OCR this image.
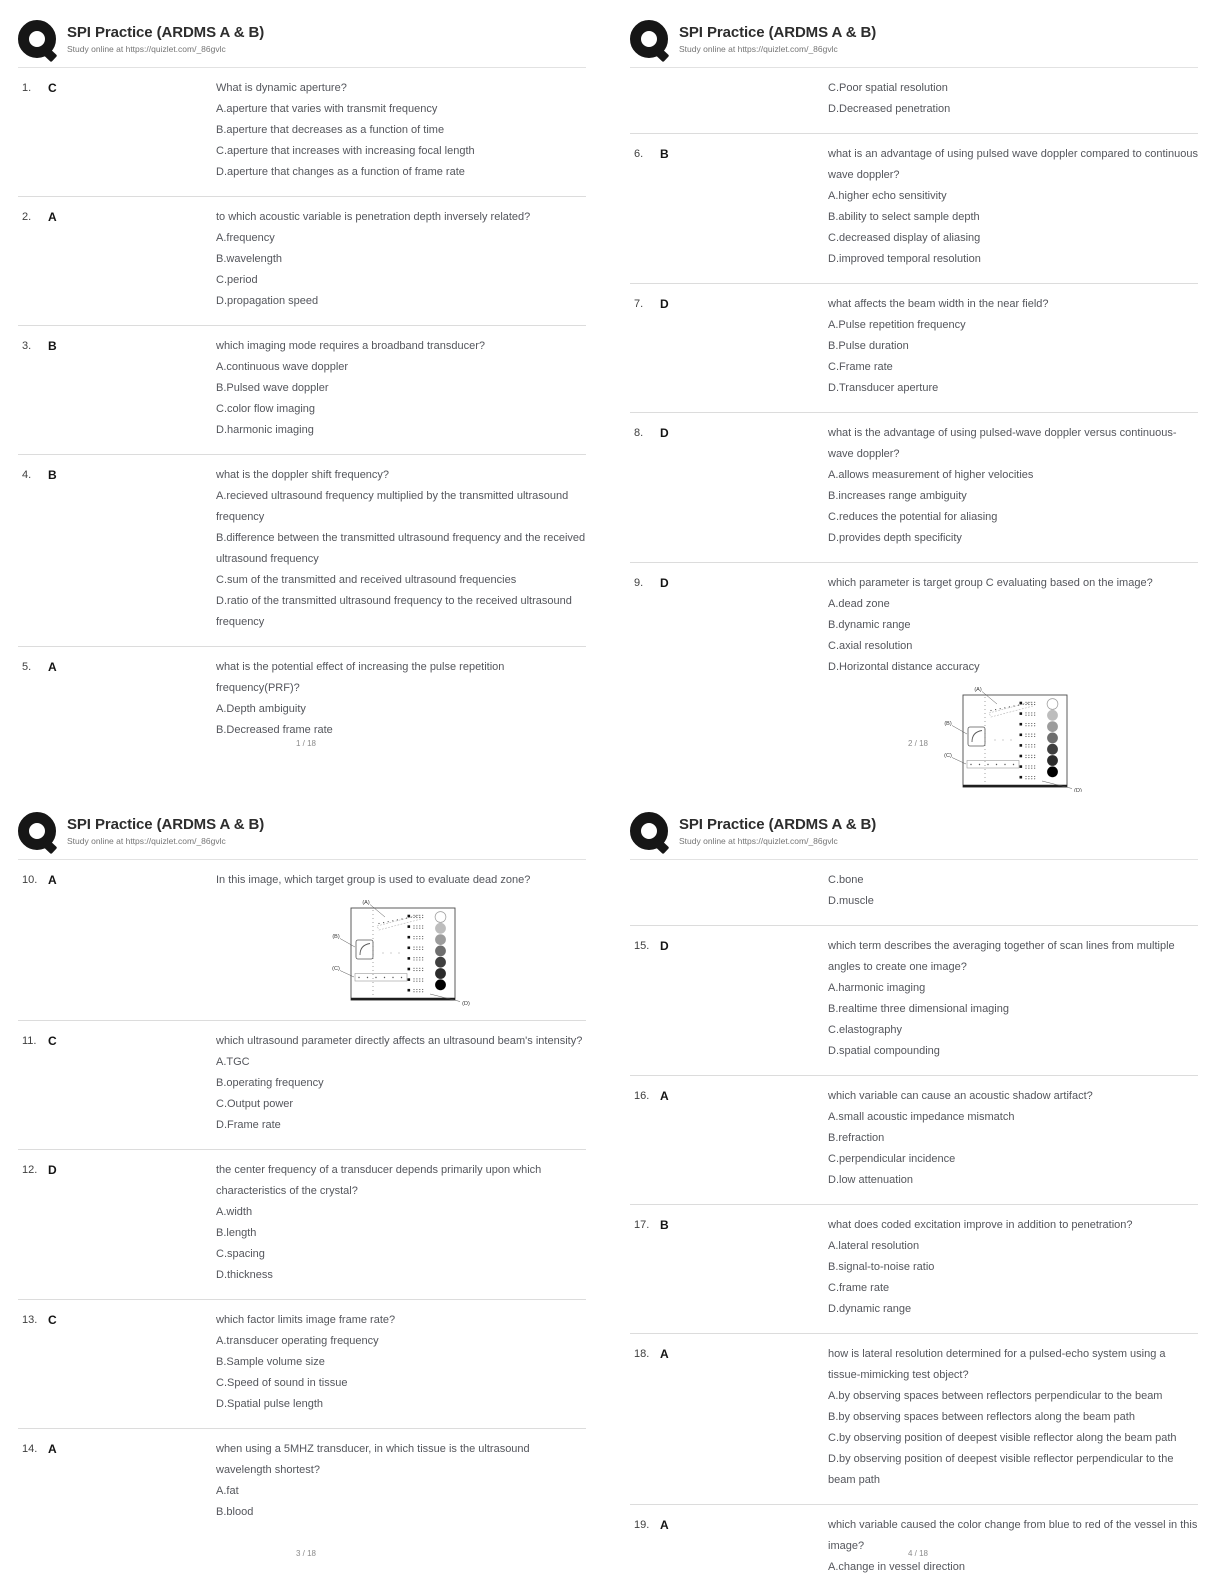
SPI Practice (ARDMS A & B)
Study online at https://quizlet.com/_86gvlc
1.	C	What is dynamic aperture?
A.aperture that varies with transmit frequency
B.aperture that decreases as a function of time
C.aperture that increases with increasing focal length
D.aperture that changes as a function of frame rate
2.	A	to which acoustic variable is penetration depth inversely related?
A.frequency
B.wavelength
C.period
D.propagation speed
3.	B	which imaging mode requires a broadband transducer?
A.continuous wave doppler
B.Pulsed wave doppler
C.color flow imaging
D.harmonic imaging
4.	B	what is the doppler shift frequency?
A.recieved ultrasound frequency multiplied by the transmitted ultrasound frequency
B.difference between the transmitted ultrasound frequency and the received ultrasound frequency
C.sum of the transmitted and received ultrasound frequencies
D.ratio of the transmitted ultrasound frequency to the received ultrasound frequency
5.	A	what is the potential effect of increasing the pulse repetition frequency(PRF)?
A.Depth ambiguity
B.Decreased frame rate
1 / 18
SPI Practice (ARDMS A & B)
Study online at https://quizlet.com/_86gvlc
C.Poor spatial resolution
D.Decreased penetration
6.	B	what is an advantage of using pulsed wave doppler compared to continuous wave doppler?
A.higher echo sensitivity
B.ability to select sample depth
C.decreased display of aliasing
D.improved temporal resolution
7.	D	what affects the beam width in the near field?
A.Pulse repetition frequency
B.Pulse duration
C.Frame rate
D.Transducer aperture
8.	D	what is the advantage of using pulsed-wave doppler versus continuous-wave doppler?
A.allows measurement of higher velocities
B.increases range ambiguity
C.reduces the potential for aliasing
D.provides depth specificity
9.	D	which parameter is target group C evaluating based on the image?
A.dead zone
B.dynamic range
C.axial resolution
D.Horizontal distance accuracy
(A)
(B)
(C)
(D)
2 / 18
SPI Practice (ARDMS A & B)
Study online at https://quizlet.com/_86gvlc
10. A	In this image, which target group is used to evaluate dead zone?
(A)
(B)
(C)
(D)
11. C	which ultrasound parameter directly affects an ultrasound beam's intensity?
A.TGC
B.operating frequency
C.Output power
D.Frame rate
12. D	the center frequency of a transducer depends primarily upon which characteristics of the crystal?
A.width
B.length
C.spacing
D.thickness
13. C	which factor limits image frame rate?
A.transducer operating frequency
B.Sample volume size
C.Speed of sound in tissue
D.Spatial pulse length
14. A	when using a 5MHZ transducer, in which tissue is the ultrasound wavelength shortest?
A.fat
B.blood
3 / 18
SPI Practice (ARDMS A & B)
Study online at https://quizlet.com/_86gvlc
C.bone
D.muscle
15. D	which term describes the averaging together of scan lines from multiple angles to create one image?
A.harmonic imaging
B.realtime three dimensional imaging
C.elastography
D.spatial compounding
16. A	which variable can cause an acoustic shadow artifact?
A.small acoustic impedance mismatch
B.refraction
C.perpendicular incidence
D.low attenuation
17. B	what does coded excitation improve in addition to penetration?
A.lateral resolution
B.signal-to-noise ratio
C.frame rate
D.dynamic range
18. A	how is lateral resolution determined for a pulsed-echo system using a tissue-mimicking test object?
A.by observing spaces between reflectors perpendicular to the beam
B.by observing spaces between reflectors along the beam path
C.by observing position of deepest visible reflector along the beam path
D.by observing position of deepest visible reflector perpendicular to the beam path
19. A	which variable caused the color change from blue to red of the vessel in this image?
A.change in vessel direction
4 / 18
